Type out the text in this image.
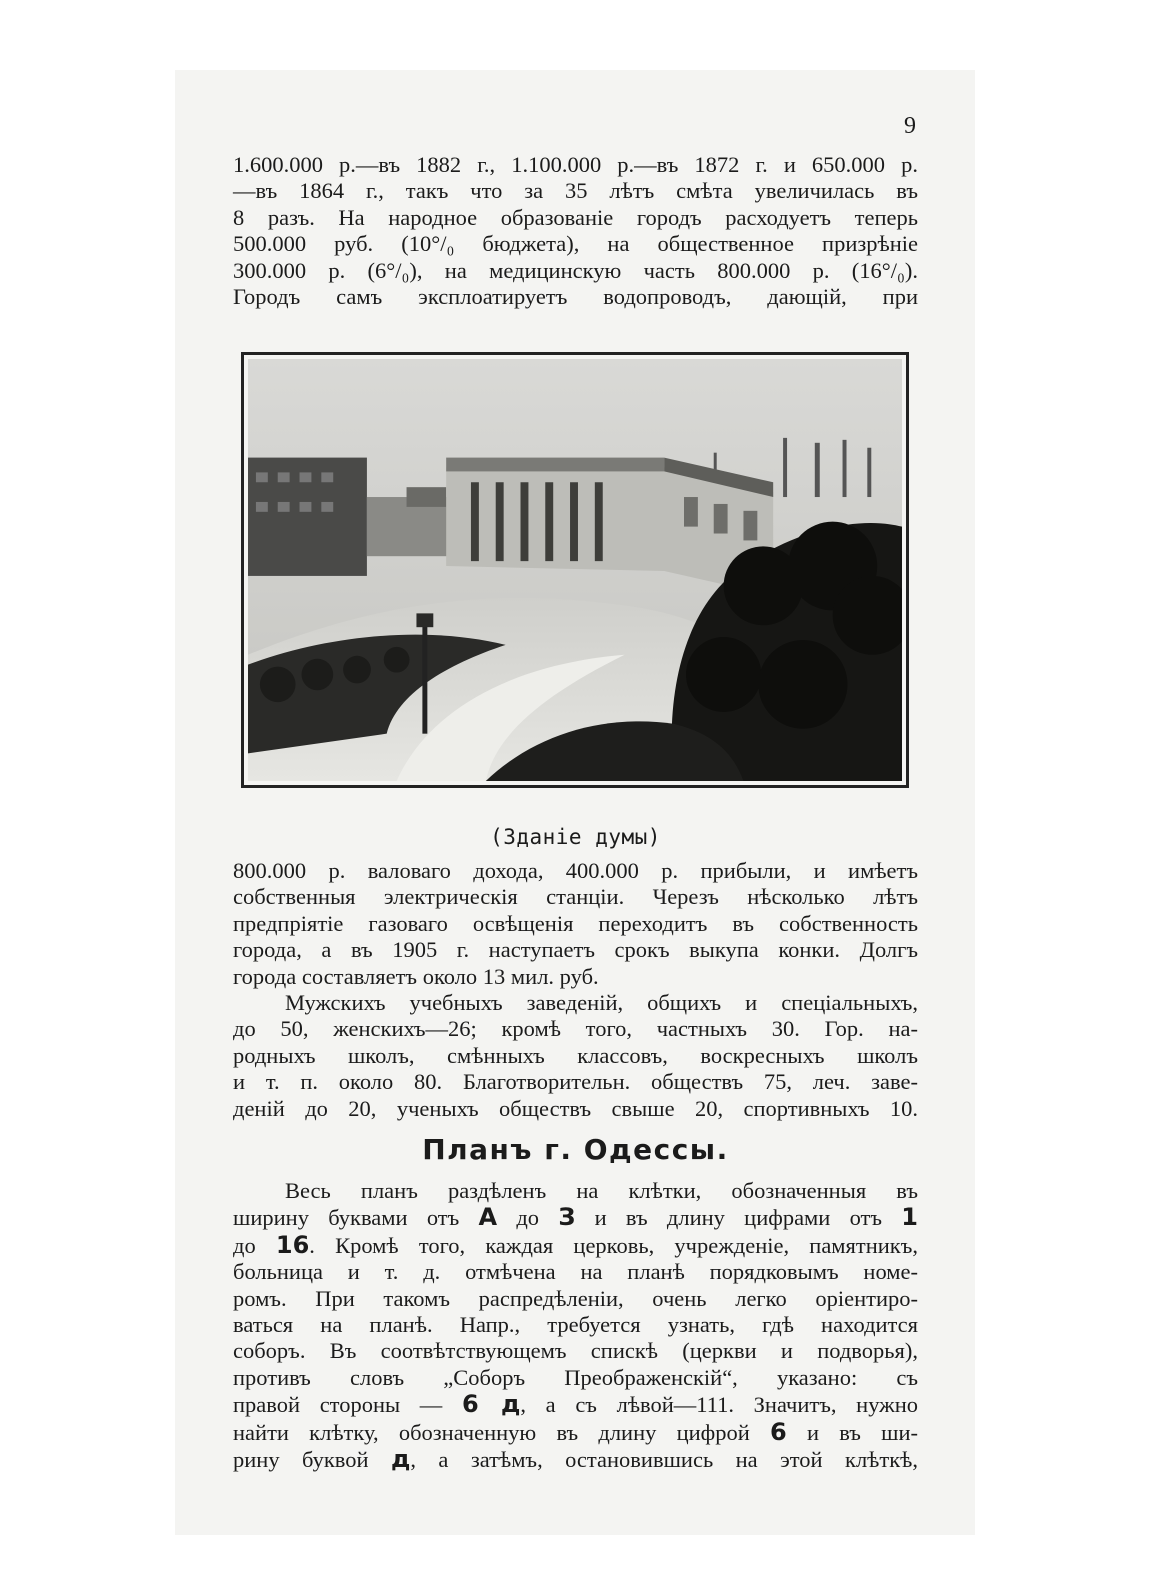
9
1.600.000 р.—въ 1882 г., 1.100.000 р.—въ 1872 г. и 650.000 р.
—въ 1864 г., такъ что за 35 лѣтъ смѣта увеличилась въ
8 разъ. На народное образованіе городъ расходуетъ теперь
500.000 руб. (10°/₀ бюджета), на общественное призрѣніе
300.000 р. (6°/₀), на медицинскую часть 800.000 р. (16°/₀).
Городъ самъ эксплоатируетъ водопроводъ, дающій, при
(Зданіе думы)
800.000 р. валоваго дохода, 400.000 р. прибыли, и имѣетъ
собственныя электрическія станціи. Черезъ нѣсколько лѣтъ
предпріятіе газоваго освѣщенія переходитъ въ собственность
города, а въ 1905 г. наступаетъ срокъ выкупа конки. Долгъ
города составляетъ около 13 мил. руб.
Мужскихъ учебныхъ заведеній, общихъ и спеціальныхъ,
до 50, женскихъ—26; кромѣ того, частныхъ 30. Гор. на-
родныхъ школъ, смѣнныхъ классовъ, воскресныхъ школъ
и т. п. около 80. Благотворительн. обществъ 75, леч. заве-
деній до 20, ученыхъ обществъ свыше 20, спортивныхъ 10.
Планъ г. Одессы.
Весь планъ раздѣленъ на клѣтки, обозначенныя въ
ширину буквами отъ А до З и въ длину цифрами отъ 1
до 16. Кромѣ того, каждая церковь, учрежденіе, памятникъ,
больница и т. д. отмѣчена на планѣ порядковымъ номе-
ромъ. При такомъ распредѣленіи, очень легко оріентиро-
ваться на планѣ. Напр., требуется узнать, гдѣ находится
соборъ. Въ соотвѣтствующемъ спискѣ (церкви и подворья),
противъ словъ „Соборъ Преображенскій“, указано: съ
правой стороны — 6 д, а съ лѣвой—111. Значитъ, нужно
найти клѣтку, обозначенную въ длину цифрой 6 и въ ши-
рину буквой д, а затѣмъ, остановившись на этой клѣткѣ,
